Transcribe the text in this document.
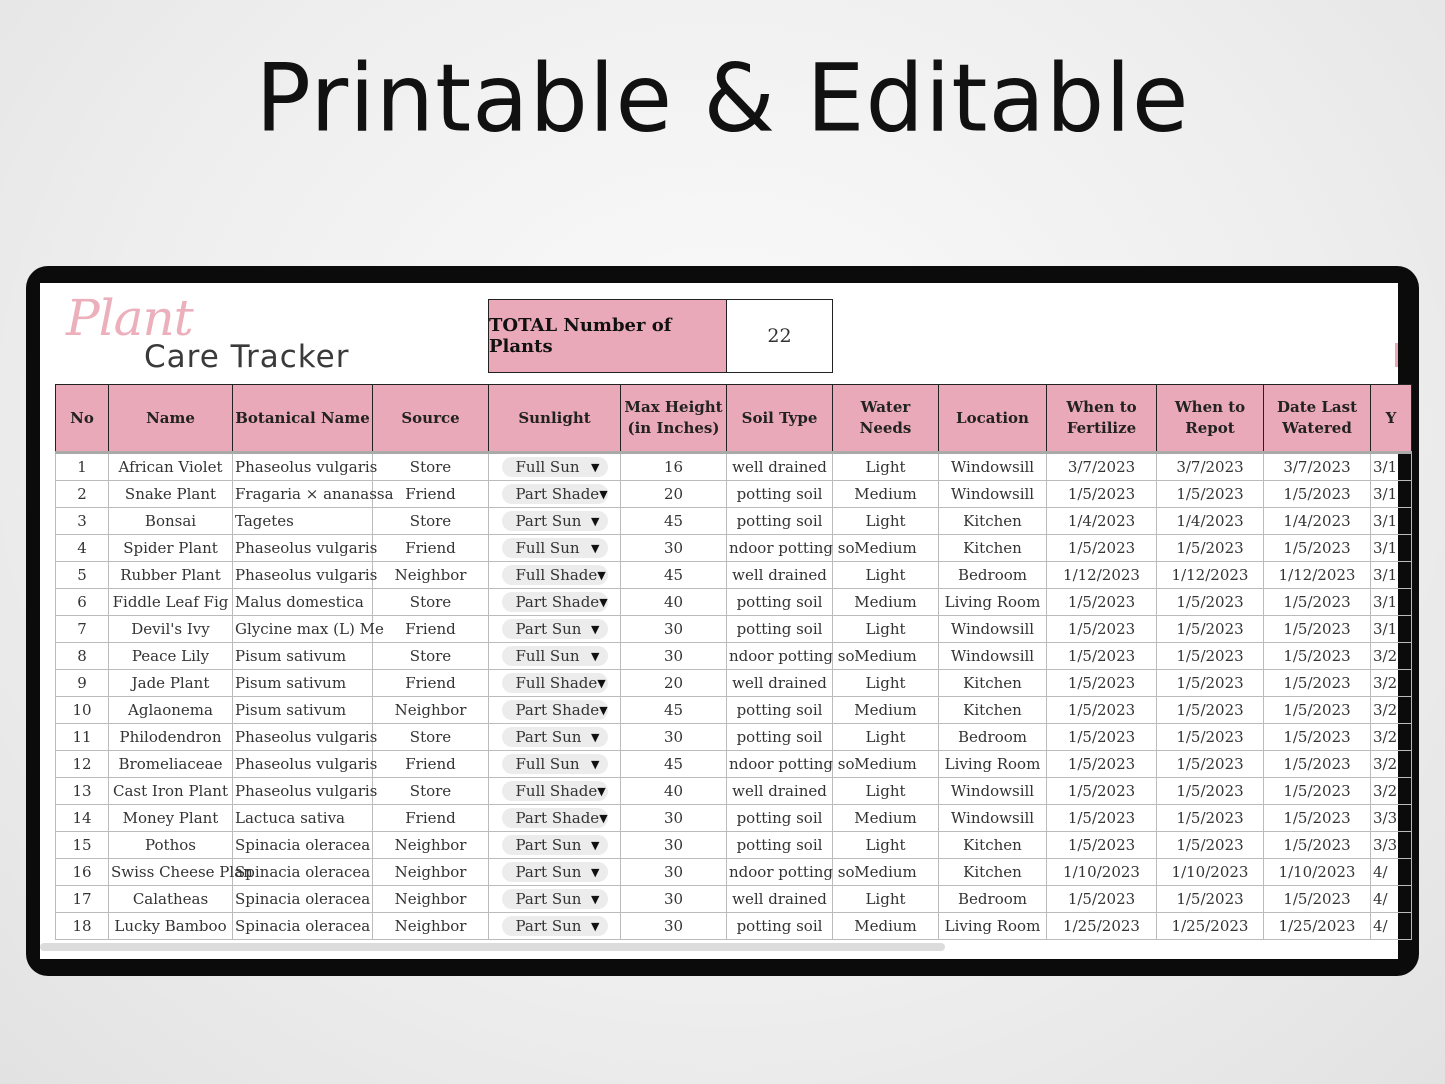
Printable & Editable
Plant
Care Tracker
TOTAL Number of Plants	22
No	Name	Botanical Name	Source	Sunlight	Max Height (in Inches)	Soil Type	Water Needs	Location	When to Fertilize	When to Repot	Date Last Watered	Y
1	African Violet	Phaseolus vulgaris	Store	Full Sun ▼	16	well drained	Light	Windowsill	3/7/2023	3/7/2023	3/7/2023	3/1
2	Snake Plant	Fragaria × ananassa	Friend	Part Shade ▼	20	potting soil	Medium	Windowsill	1/5/2023	1/5/2023	1/5/2023	3/1
3	Bonsai	Tagetes	Store	Part Sun ▼	45	potting soil	Light	Kitchen	1/4/2023	1/4/2023	1/4/2023	3/1
4	Spider Plant	Phaseolus vulgaris	Friend	Full Sun ▼	30	ndoor potting so	Medium	Kitchen	1/5/2023	1/5/2023	1/5/2023	3/1
5	Rubber Plant	Phaseolus vulgaris	Neighbor	Full Shade ▼	45	well drained	Light	Bedroom	1/12/2023	1/12/2023	1/12/2023	3/1
6	Fiddle Leaf Fig	Malus domestica	Store	Part Shade ▼	40	potting soil	Medium	Living Room	1/5/2023	1/5/2023	1/5/2023	3/1
7	Devil's Ivy	Glycine max (L) Me	Friend	Part Sun ▼	30	potting soil	Light	Windowsill	1/5/2023	1/5/2023	1/5/2023	3/1
8	Peace Lily	Pisum sativum	Store	Full Sun ▼	30	ndoor potting so	Medium	Windowsill	1/5/2023	1/5/2023	1/5/2023	3/2
9	Jade Plant	Pisum sativum	Friend	Full Shade ▼	20	well drained	Light	Kitchen	1/5/2023	1/5/2023	1/5/2023	3/2
10	Aglaonema	Pisum sativum	Neighbor	Part Shade ▼	45	potting soil	Medium	Kitchen	1/5/2023	1/5/2023	1/5/2023	3/2
11	Philodendron	Phaseolus vulgaris	Store	Part Sun ▼	30	potting soil	Light	Bedroom	1/5/2023	1/5/2023	1/5/2023	3/2
12	Bromeliaceae	Phaseolus vulgaris	Friend	Full Sun ▼	45	ndoor potting so	Medium	Living Room	1/5/2023	1/5/2023	1/5/2023	3/2
13	Cast Iron Plant	Phaseolus vulgaris	Store	Full Shade ▼	40	well drained	Light	Windowsill	1/5/2023	1/5/2023	1/5/2023	3/2
14	Money Plant	Lactuca sativa	Friend	Part Shade ▼	30	potting soil	Medium	Windowsill	1/5/2023	1/5/2023	1/5/2023	3/3
15	Pothos	Spinacia oleracea	Neighbor	Part Sun ▼	30	potting soil	Light	Kitchen	1/5/2023	1/5/2023	1/5/2023	3/3
16	Swiss Cheese Plan	Spinacia oleracea	Neighbor	Part Sun ▼	30	ndoor potting so	Medium	Kitchen	1/10/2023	1/10/2023	1/10/2023	4/
17	Calatheas	Spinacia oleracea	Neighbor	Part Sun ▼	30	well drained	Light	Bedroom	1/5/2023	1/5/2023	1/5/2023	4/
18	Lucky Bamboo	Spinacia oleracea	Neighbor	Part Sun ▼	30	potting soil	Medium	Living Room	1/25/2023	1/25/2023	1/25/2023	4/
